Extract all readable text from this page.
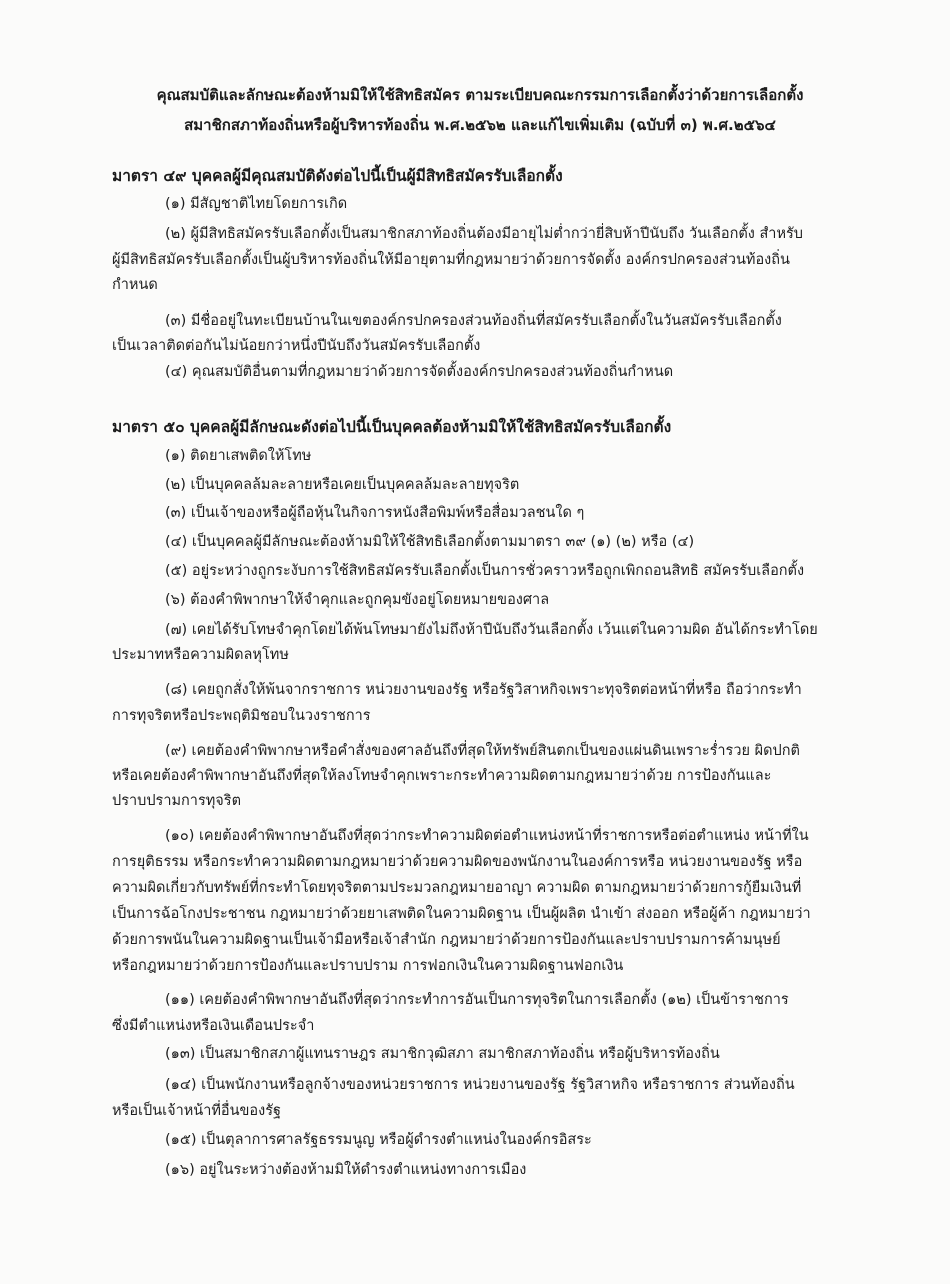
คุณสมบัติและลักษณะต้องห้ามมิให้ใช้สิทธิสมัคร ตามระเบียบคณะกรรมการเลือกตั้งว่าด้วยการเลือกตั้ง
สมาชิกสภาท้องถิ่นหรือผู้บริหารท้องถิ่น พ.ศ.๒๕๖๒ และแก้ไขเพิ่มเติม (ฉบับที่ ๓) พ.ศ.๒๕๖๔
มาตรา ๔๙ บุคคลผู้มีคุณสมบัติดังต่อไปนี้เป็นผู้มีสิทธิสมัครรับเลือกตั้ง
(๑) มีสัญชาติไทยโดยการเกิด
(๒) ผู้มีสิทธิสมัครรับเลือกตั้งเป็นสมาชิกสภาท้องถิ่นต้องมีอายุไม่ต่ำกว่ายี่สิบห้าปีนับถึง วันเลือกตั้ง สำหรับ
ผู้มีสิทธิสมัครรับเลือกตั้งเป็นผู้บริหารท้องถิ่นให้มีอายุตามที่กฎหมายว่าด้วยการจัดตั้ง องค์กรปกครองส่วนท้องถิ่น
กำหนด
(๓) มีชื่ออยู่ในทะเบียนบ้านในเขตองค์กรปกครองส่วนท้องถิ่นที่สมัครรับเลือกตั้งในวันสมัครรับเลือกตั้ง
เป็นเวลาติดต่อกันไม่น้อยกว่าหนึ่งปีนับถึงวันสมัครรับเลือกตั้ง
(๔) คุณสมบัติอื่นตามที่กฎหมายว่าด้วยการจัดตั้งองค์กรปกครองส่วนท้องถิ่นกำหนด
มาตรา ๕๐ บุคคลผู้มีลักษณะดังต่อไปนี้เป็นบุคคลต้องห้ามมิให้ใช้สิทธิสมัครรับเลือกตั้ง
(๑) ติดยาเสพติดให้โทษ
(๒) เป็นบุคคลล้มละลายหรือเคยเป็นบุคคลล้มละลายทุจริต
(๓) เป็นเจ้าของหรือผู้ถือหุ้นในกิจการหนังสือพิมพ์หรือสื่อมวลชนใด ๆ
(๔) เป็นบุคคลผู้มีลักษณะต้องห้ามมิให้ใช้สิทธิเลือกตั้งตามมาตรา ๓๙ (๑) (๒) หรือ (๔)
(๕) อยู่ระหว่างถูกระงับการใช้สิทธิสมัครรับเลือกตั้งเป็นการชั่วคราวหรือถูกเพิกถอนสิทธิ สมัครรับเลือกตั้ง
(๖) ต้องคำพิพากษาให้จำคุกและถูกคุมขังอยู่โดยหมายของศาล
(๗) เคยได้รับโทษจำคุกโดยได้พ้นโทษมายังไม่ถึงห้าปีนับถึงวันเลือกตั้ง เว้นแต่ในความผิด อันได้กระทำโดย
ประมาทหรือความผิดลหุโทษ
(๘) เคยถูกสั่งให้พ้นจากราชการ หน่วยงานของรัฐ หรือรัฐวิสาหกิจเพราะทุจริตต่อหน้าที่หรือ ถือว่ากระทำ
การทุจริตหรือประพฤติมิชอบในวงราชการ
(๙) เคยต้องคำพิพากษาหรือคำสั่งของศาลอันถึงที่สุดให้ทรัพย์สินตกเป็นของแผ่นดินเพราะร่ำรวย ผิดปกติ
หรือเคยต้องคำพิพากษาอันถึงที่สุดให้ลงโทษจำคุกเพราะกระทำความผิดตามกฎหมายว่าด้วย การป้องกันและ
ปราบปรามการทุจริต
(๑๐) เคยต้องคำพิพากษาอันถึงที่สุดว่ากระทำความผิดต่อตำแหน่งหน้าที่ราชการหรือต่อตำแหน่ง หน้าที่ใน
การยุติธรรม หรือกระทำความผิดตามกฎหมายว่าด้วยความผิดของพนักงานในองค์การหรือ หน่วยงานของรัฐ หรือ
ความผิดเกี่ยวกับทรัพย์ที่กระทำโดยทุจริตตามประมวลกฎหมายอาญา ความผิด ตามกฎหมายว่าด้วยการกู้ยืมเงินที่
เป็นการฉ้อโกงประชาชน กฎหมายว่าด้วยยาเสพติดในความผิดฐาน เป็นผู้ผลิต นำเข้า ส่งออก หรือผู้ค้า กฎหมายว่า
ด้วยการพนันในความผิดฐานเป็นเจ้ามือหรือเจ้าสำนัก กฎหมายว่าด้วยการป้องกันและปราบปรามการค้ามนุษย์
หรือกฎหมายว่าด้วยการป้องกันและปราบปราม การฟอกเงินในความผิดฐานฟอกเงิน
(๑๑) เคยต้องคำพิพากษาอันถึงที่สุดว่ากระทำการอันเป็นการทุจริตในการเลือกตั้ง (๑๒) เป็นข้าราชการ
ซึ่งมีตำแหน่งหรือเงินเดือนประจำ
(๑๓) เป็นสมาชิกสภาผู้แทนราษฎร สมาชิกวุฒิสภา สมาชิกสภาท้องถิ่น หรือผู้บริหารท้องถิ่น
(๑๔) เป็นพนักงานหรือลูกจ้างของหน่วยราชการ หน่วยงานของรัฐ รัฐวิสาหกิจ หรือราชการ ส่วนท้องถิ่น
หรือเป็นเจ้าหน้าที่อื่นของรัฐ
(๑๕) เป็นตุลาการศาลรัฐธรรมนูญ หรือผู้ดำรงตำแหน่งในองค์กรอิสระ
(๑๖) อยู่ในระหว่างต้องห้ามมิให้ดำรงตำแหน่งทางการเมือง
